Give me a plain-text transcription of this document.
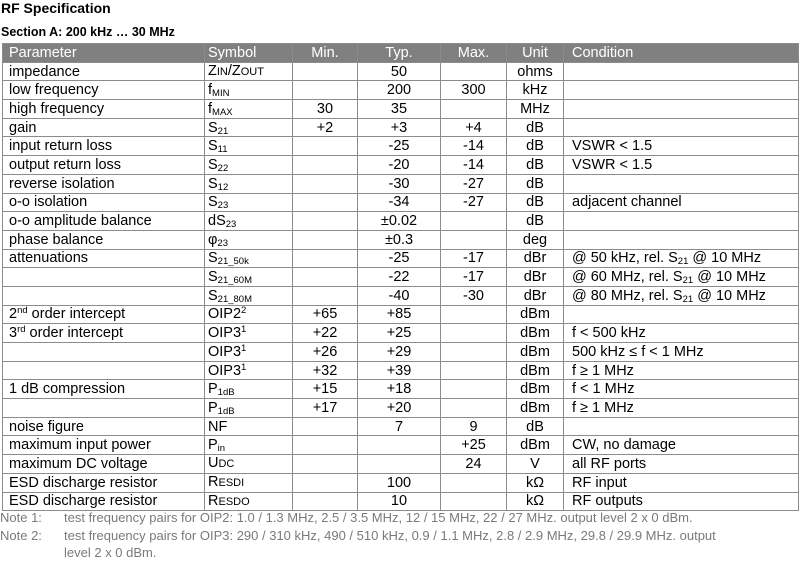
RF Specification
Section A: 200 kHz … 30 MHz
Parameter	Symbol	Min.	Typ.	Max.	Unit	Condition
impedance	ZIN/ZOUT		50		ohms	
low frequency	$f_{MIN}$		200	300	kHz	
high frequency	$f_{MAX}$	30	35		MHz	
gain	$S_{21}$	+2	+3	+4	dB	
input return loss	$S_{11}$		-25	-14	dB	VSWR < 1.5
output return loss	$S_{22}$		-20	-14	dB	VSWR < 1.5
reverse isolation	$S_{12}$		-30	-27	dB	
o-o isolation	$S_{23}$		-34	-27	dB	adjacent channel
o-o amplitude balance	$dS_{23}$		±0.02		dB	
phase balance	$\varphi_{23}$		±0.3		deg	
attenuations	$S_{21\_50k}$		-25	-17	dBr	@ 50 kHz, rel. $S_{21}$ @ 10 MHz
	$S_{21\_60M}$		-22	-17	dBr	@ 60 MHz, rel. $S_{21}$ @ 10 MHz
	$S_{21\_80M}$		-40	-30	dBr	@ 80 MHz, rel. $S_{21}$ @ 10 MHz
2nd order intercept	$OIP2^2$	+65	+85		dBm	
3rd order intercept	$OIP3^1$	+22	+25		dBm	f < 500 kHz
	$OIP3^1$	+26	+29		dBm	500 kHz ≤ f < 1 MHz
	$OIP3^1$	+32	+39		dBm	f ≥ 1 MHz
1 dB compression	$P_{1dB}$	+15	+18		dBm	f < 1 MHz
	$P_{1dB}$	+17	+20		dBm	f ≥ 1 MHz
noise figure	NF		7	9	dB	
maximum input power	$P_{in}$			+25	dBm	CW, no damage
maximum DC voltage	UDC			24	V	all RF ports
ESD discharge resistor	RESDI		100		kΩ	RF input
ESD discharge resistor	RESDO		10		kΩ	RF outputs
Note 1:	test frequency pairs for OIP2: 1.0 / 1.3 MHz, 2.5 / 3.5 MHz, 12 / 15 MHz, 22 / 27 MHz. output level 2 x 0 dBm.
Note 2:	test frequency pairs for OIP3: 290 / 310 kHz, 490 / 510 kHz, 0.9 / 1.1 MHz, 2.8 / 2.9 MHz, 29.8 / 29.9 MHz. output
level 2 x 0 dBm.
